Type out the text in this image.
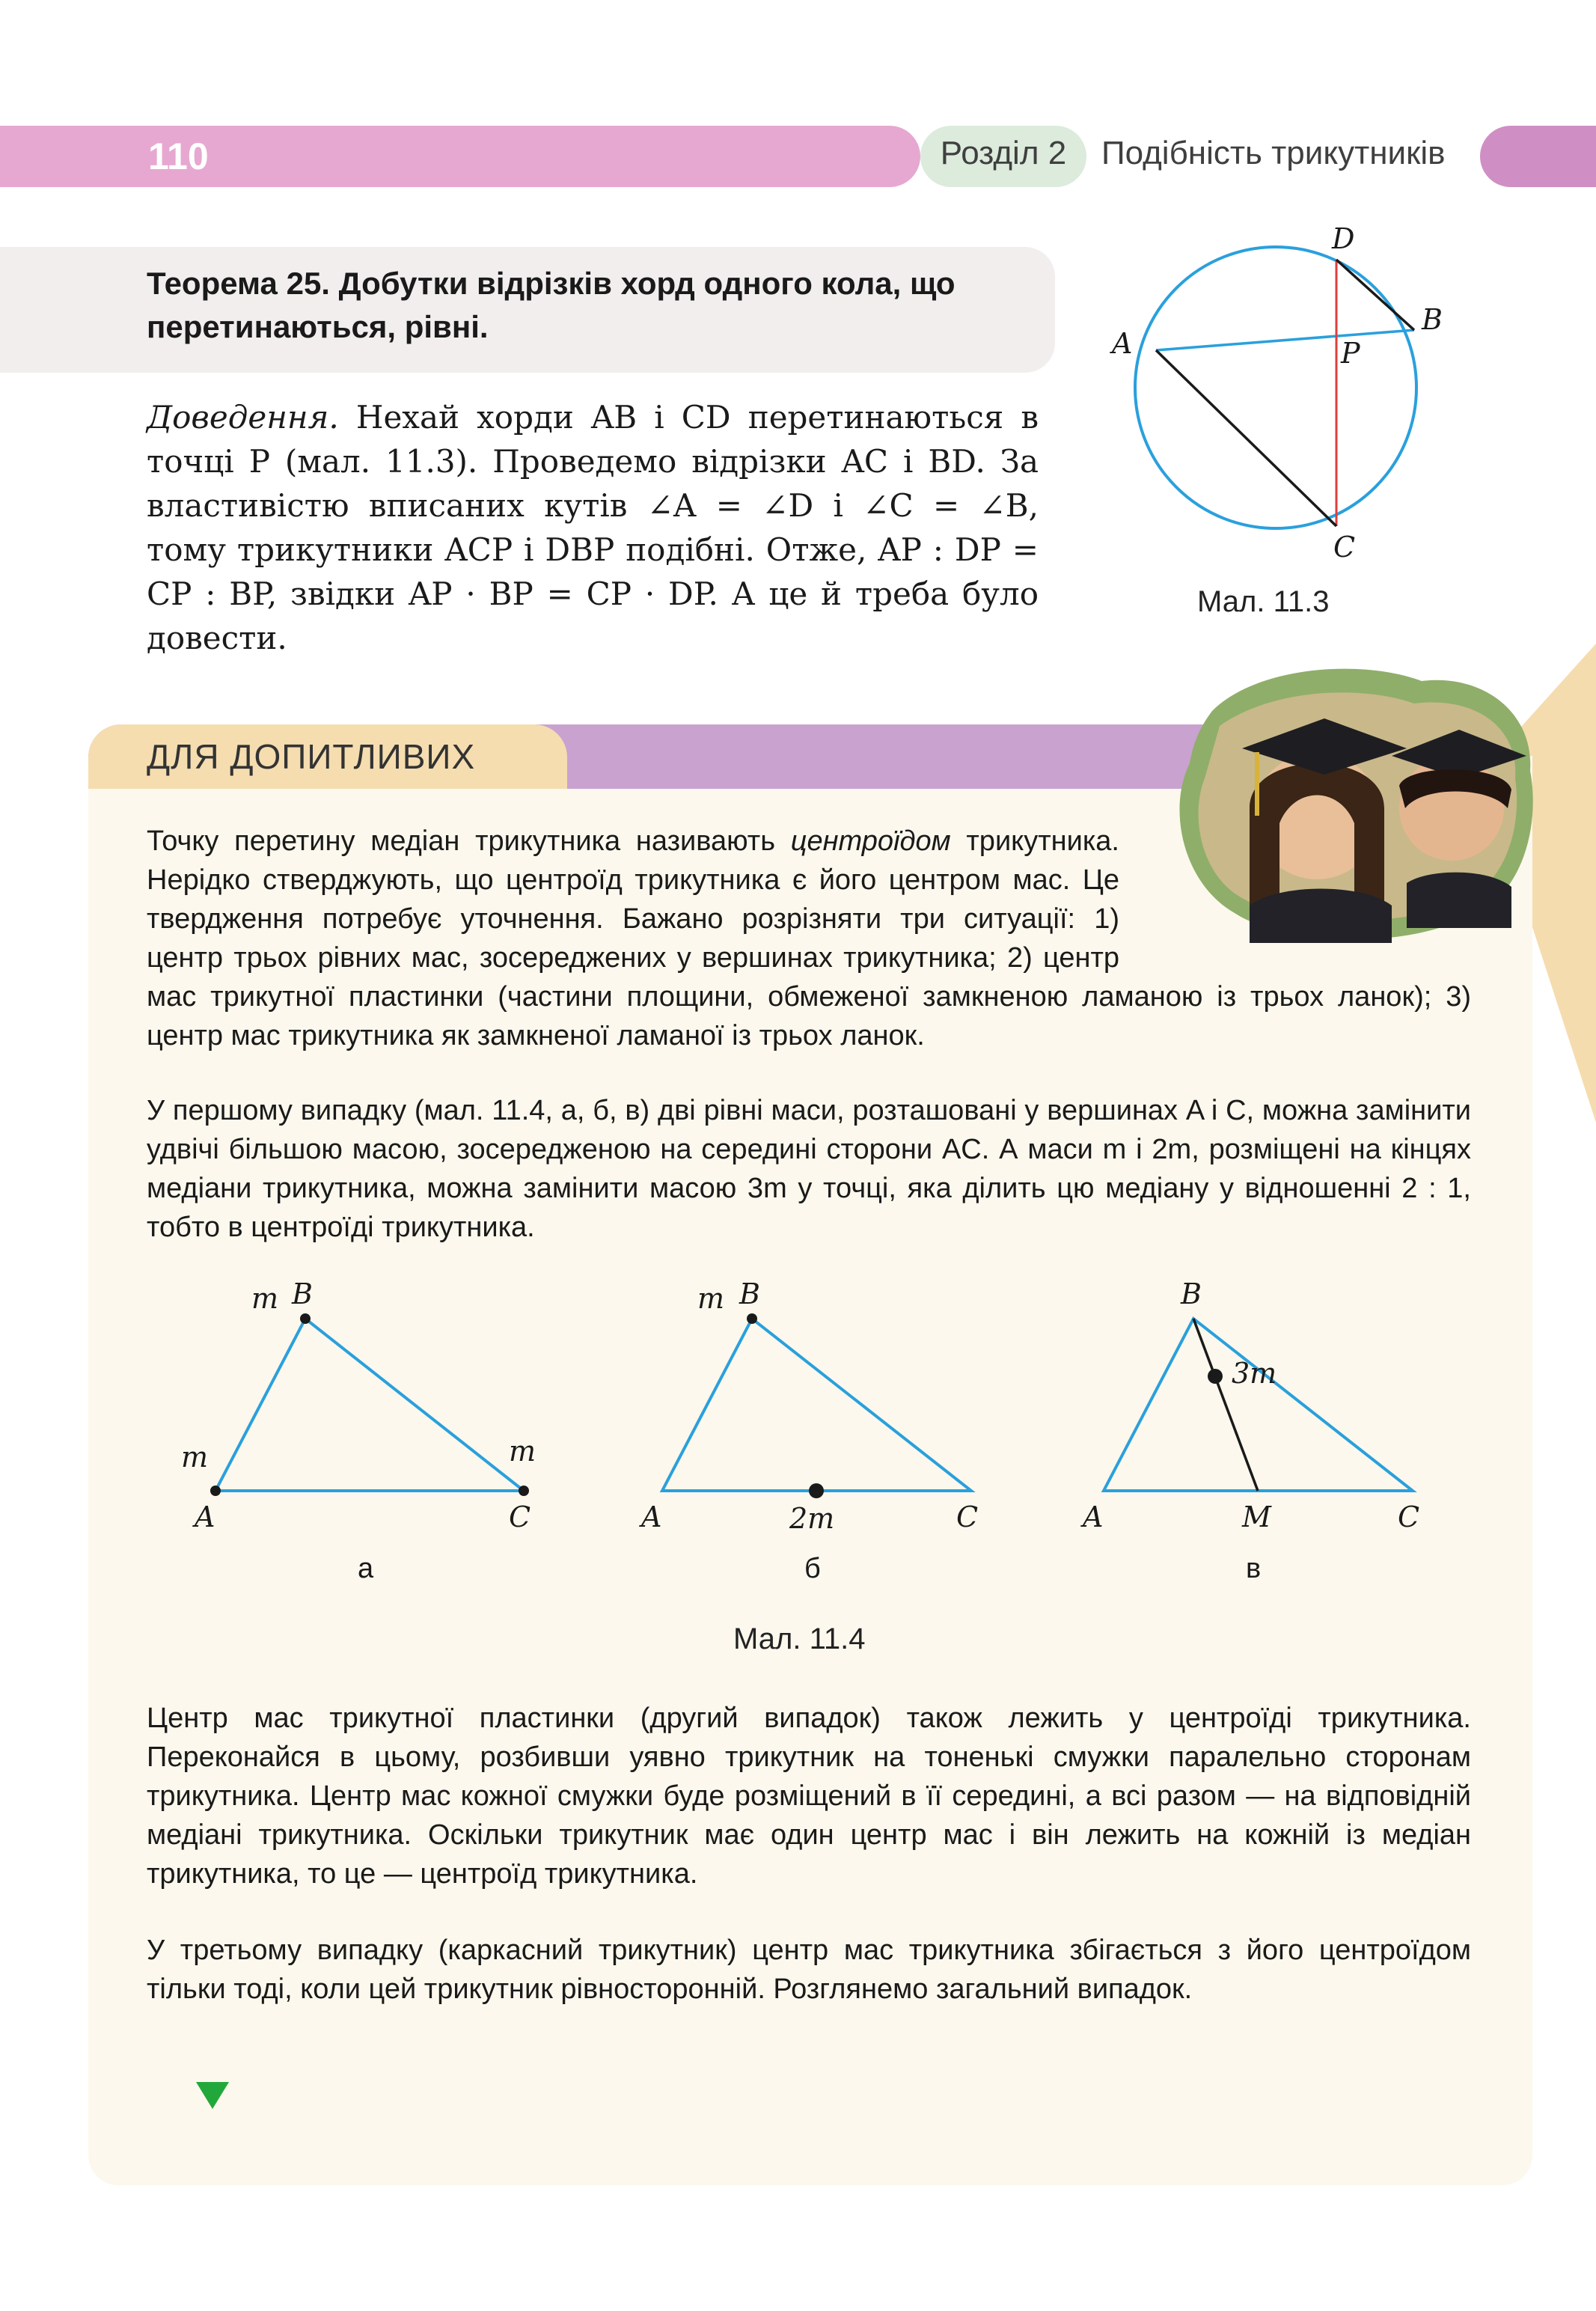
110	Розділ 2	Подібність трикутників
Теорема 25. Добутки відрізків хорд одного кола, що перетинаються, рівні.
Доведення. Нехай хорди AB і CD перетинаються в точці P (мал. 11.3). Проведемо відрізки AC і BD. За властивістю вписаних кутів ∠A = ∠D і ∠C = ∠B, тому трикутники ACP і DBP подібні. Отже, AP : DP = CP : BP, звідки AP · BP = CP · DP. А це й треба було довести.
D
B
A	P
C
Мал. 11.3
ДЛЯ ДОПИТЛИВИХ
Точку перетину медіан трикутника називають центроїдом трикутника. Нерідко стверджують, що центроїд трикутника є його центром мас. Це твердження потребує уточнення. Бажано розрізняти три ситуації: 1) центр трьох рівних мас, зосереджених у вершинах трикутника; 2) центр мас трикутної пластинки (частини площини, обмеженої замкненою ламаною із трьох ланок); 3) центр мас трикутника як замкненої ламаної із трьох ланок.
У першому випадку (мал. 11.4, а, б, в) дві рівні маси, розташовані у вершинах A і C, можна замінити удвічі більшою масою, зосередженою на середині сторони AC. А маси m і 2m, розміщені на кінцях медіани трикутника, можна замінити масою 3m у точці, яка ділить цю медіану у відношенні 2 : 1, тобто в центроїді трикутника.
B
m
m
A
m
C
а
B
m
A	2m	C
б
B
3m
A	M	C
в
Мал. 11.4
Центр мас трикутної пластинки (другий випадок) також лежить у центроїді трикутника. Переконайся в цьому, розбивши уявно трикутник на тоненькі смужки паралельно сторонам трикутника. Центр мас кожної смужки буде розміщений в її середині, а всі разом — на відповідній медіані трикутника. Оскільки трикутник має один центр мас і він лежить на кожній із медіан трикутника, то це — центроїд трикутника.
У третьому випадку (каркасний трикутник) центр мас трикутника збігається з його центроїдом тільки тоді, коли цей трикутник рівносторонній. Розглянемо загальний випадок.
